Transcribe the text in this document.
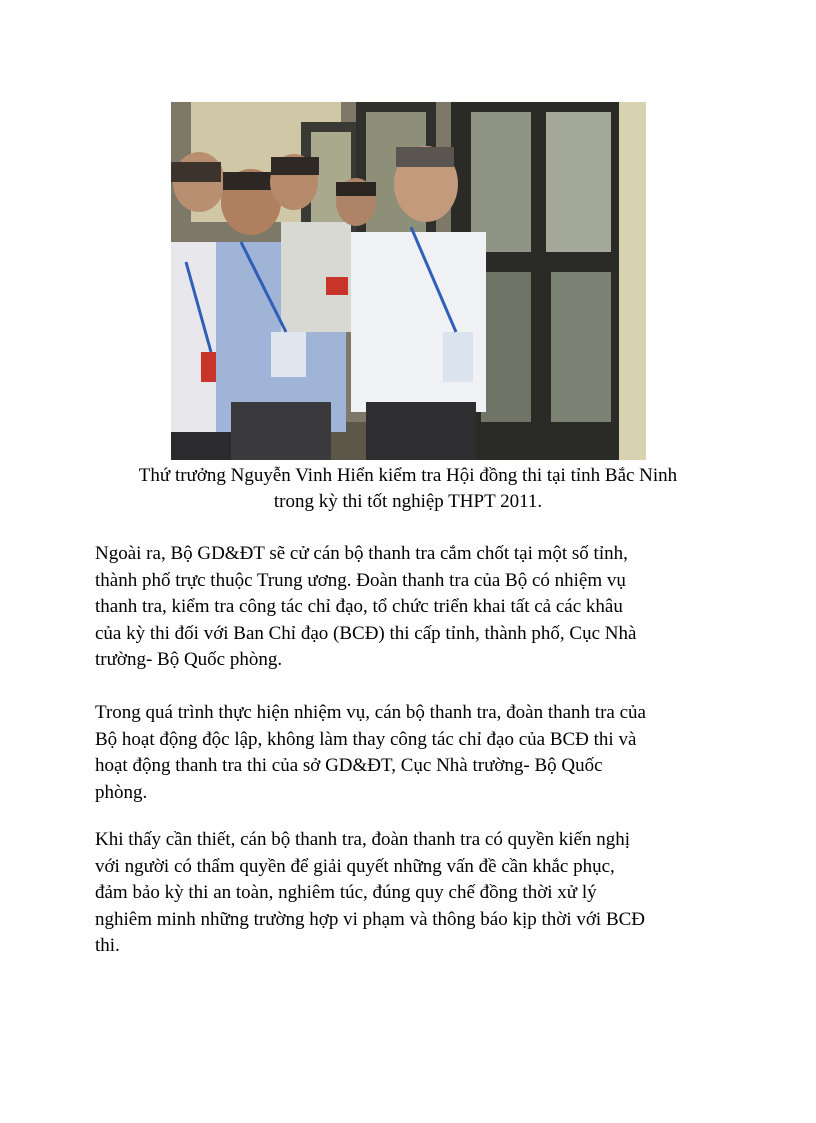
Thứ trưởng Nguyễn Vinh Hiển kiểm tra Hội đồng thi tại tỉnh Bắc Ninh
trong kỳ thi tốt nghiệp THPT 2011.

Ngoài ra, Bộ GD&ĐT sẽ cử cán bộ thanh tra cắm chốt tại một số tỉnh,
thành phố trực thuộc Trung ương. Đoàn thanh tra của Bộ có nhiệm vụ
thanh tra, kiểm tra công tác chỉ đạo, tổ chức triển khai tất cả các khâu
của kỳ thi đối với Ban Chỉ đạo (BCĐ) thi cấp tỉnh, thành phố, Cục Nhà
trường- Bộ Quốc phòng.

Trong quá trình thực hiện nhiệm vụ, cán bộ thanh tra, đoàn thanh tra của
Bộ hoạt động độc lập, không làm thay công tác chỉ đạo của BCĐ thi và
hoạt động thanh tra thi của sở GD&ĐT, Cục Nhà trường- Bộ Quốc
phòng.

Khi thấy cần thiết, cán bộ thanh tra, đoàn thanh tra có quyền kiến nghị
với người có thẩm quyền để giải quyết những vấn đề cần khắc phục,
đảm bảo kỳ thi an toàn, nghiêm túc, đúng quy chế đồng thời xử lý
nghiêm minh những trường hợp vi phạm và thông báo kịp thời với BCĐ
thi.
